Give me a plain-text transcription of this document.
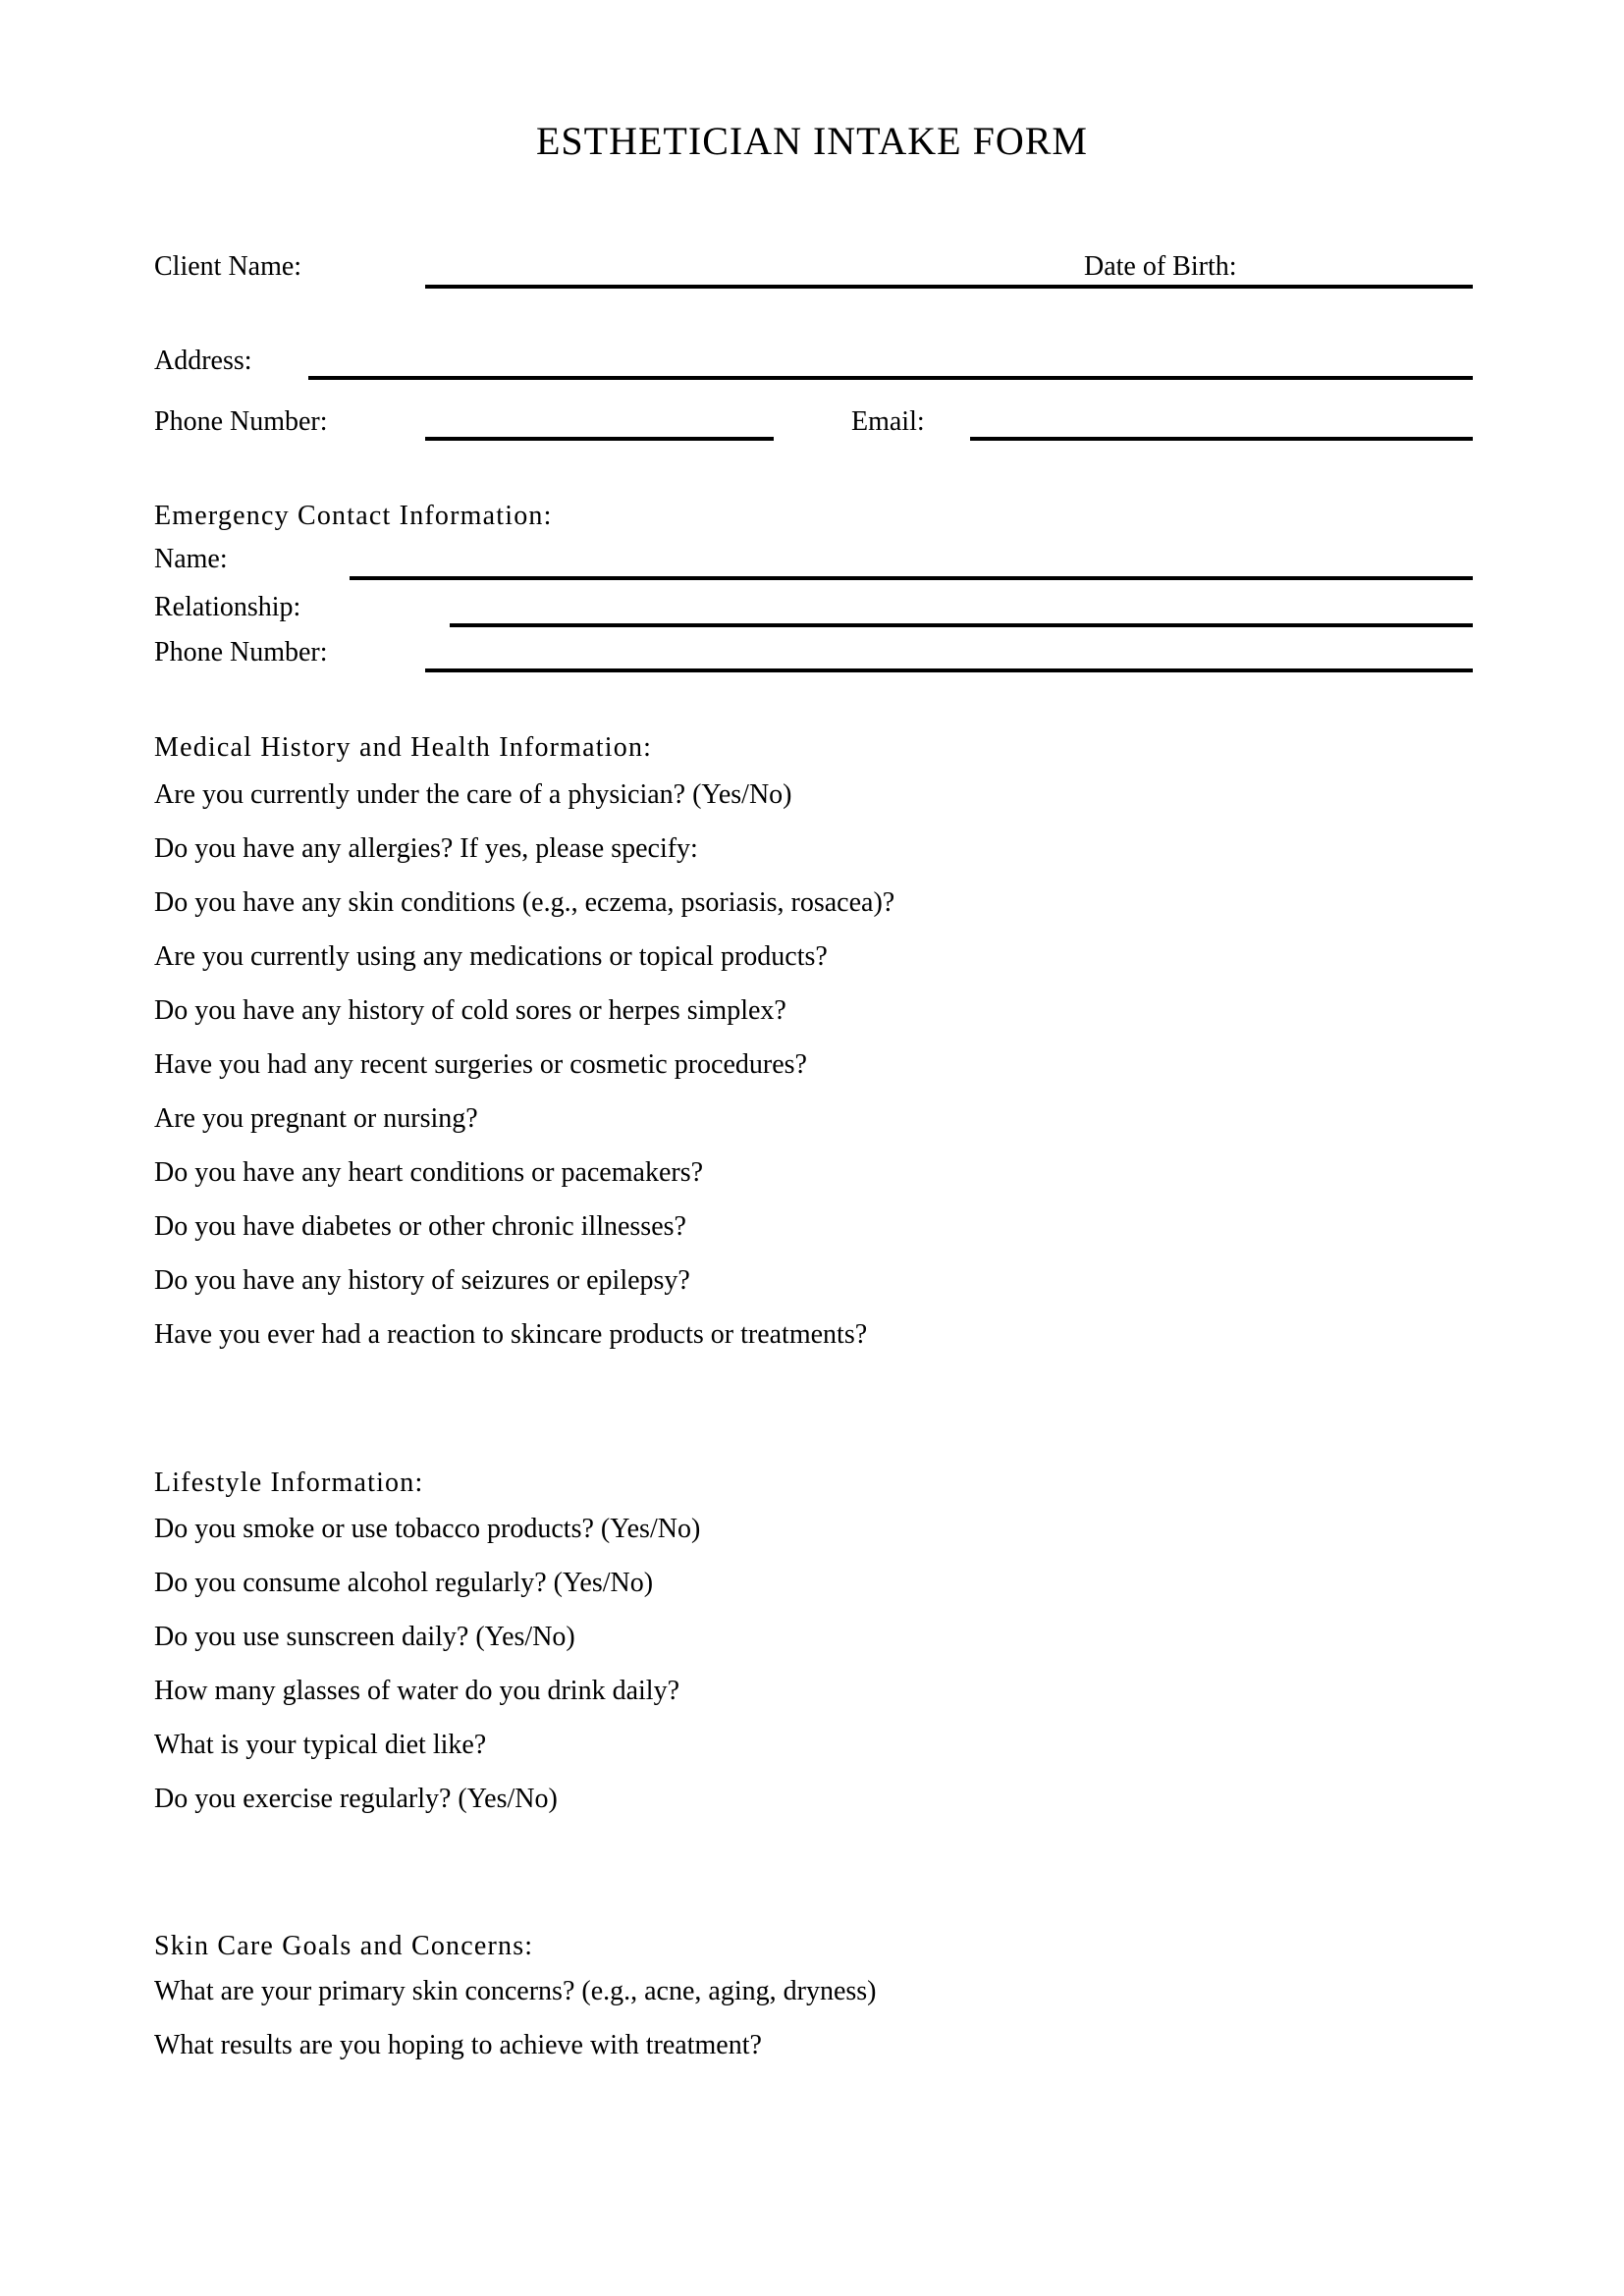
ESTHETICIAN INTAKE FORM
Client Name:	Date of Birth:
Address:
Phone Number:	Email:
Emergency Contact Information:
Name:
Relationship:
Phone Number:
Medical History and Health Information:

Are you currently under the care of a physician? (Yes/No)

Do you have any allergies? If yes, please specify:

Do you have any skin conditions (e.g., eczema, psoriasis, rosacea)?

Are you currently using any medications or topical products?

Do you have any history of cold sores or herpes simplex?

Have you had any recent surgeries or cosmetic procedures?

Are you pregnant or nursing?

Do you have any heart conditions or pacemakers?

Do you have diabetes or other chronic illnesses?

Do you have any history of seizures or epilepsy?

Have you ever had a reaction to skincare products or treatments?

Lifestyle Information:

Do you smoke or use tobacco products? (Yes/No)

Do you consume alcohol regularly? (Yes/No)

Do you use sunscreen daily? (Yes/No)

How many glasses of water do you drink daily?

What is your typical diet like?

Do you exercise regularly? (Yes/No)

Skin Care Goals and Concerns:

What are your primary skin concerns? (e.g., acne, aging, dryness)

What results are you hoping to achieve with treatment?
